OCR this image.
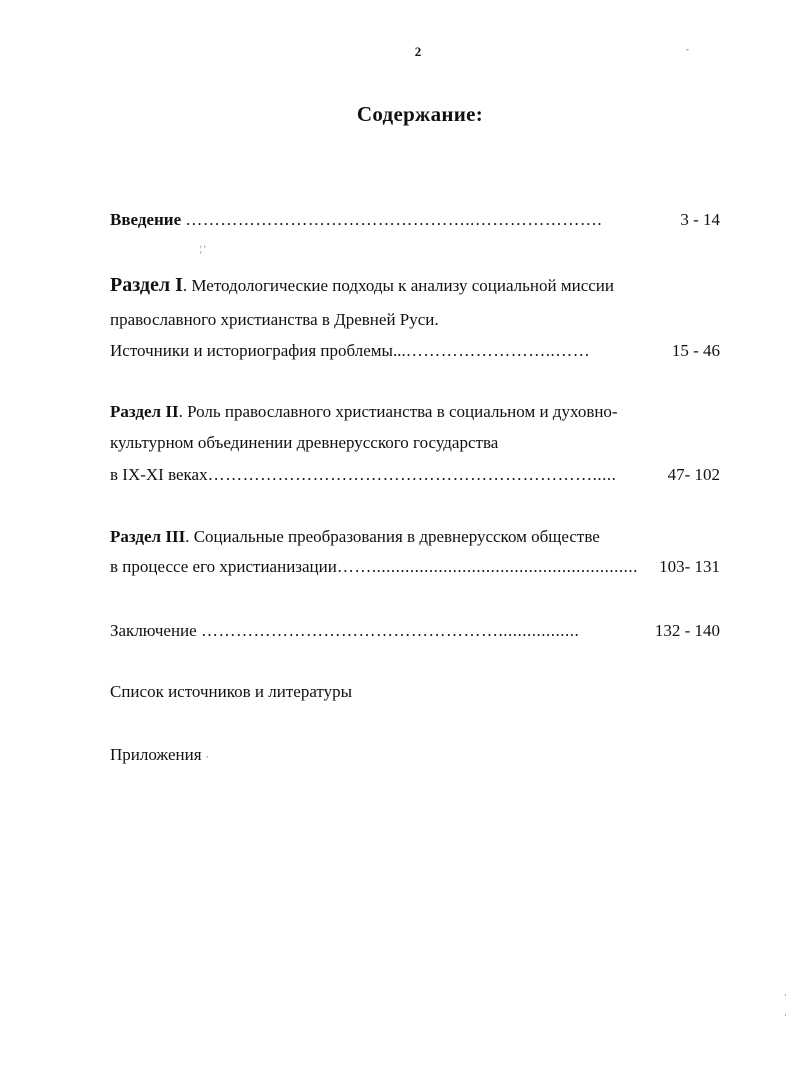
2
Содержание:
Введение …………………………………………..………………….	3 - 14
¦ '
Раздел I. Методологические подходы к анализу социальной миссии
православного христианства в Древней Руси.
Источники и историография проблемы...……………………..……	15 - 46
Раздел II. Роль православного христианства в социальном и духовно-
культурном объединении древнерусского государства
в IX-XI веках………………………………………………………….....	47- 102
Раздел III. Социальные преобразования в древнерусском обществе
в процессе его христианизации……........................................................ 103- 131
Заключение …………………………………………….................	132 - 140
Список источников и литературы
Приложения ·
-
·
·
